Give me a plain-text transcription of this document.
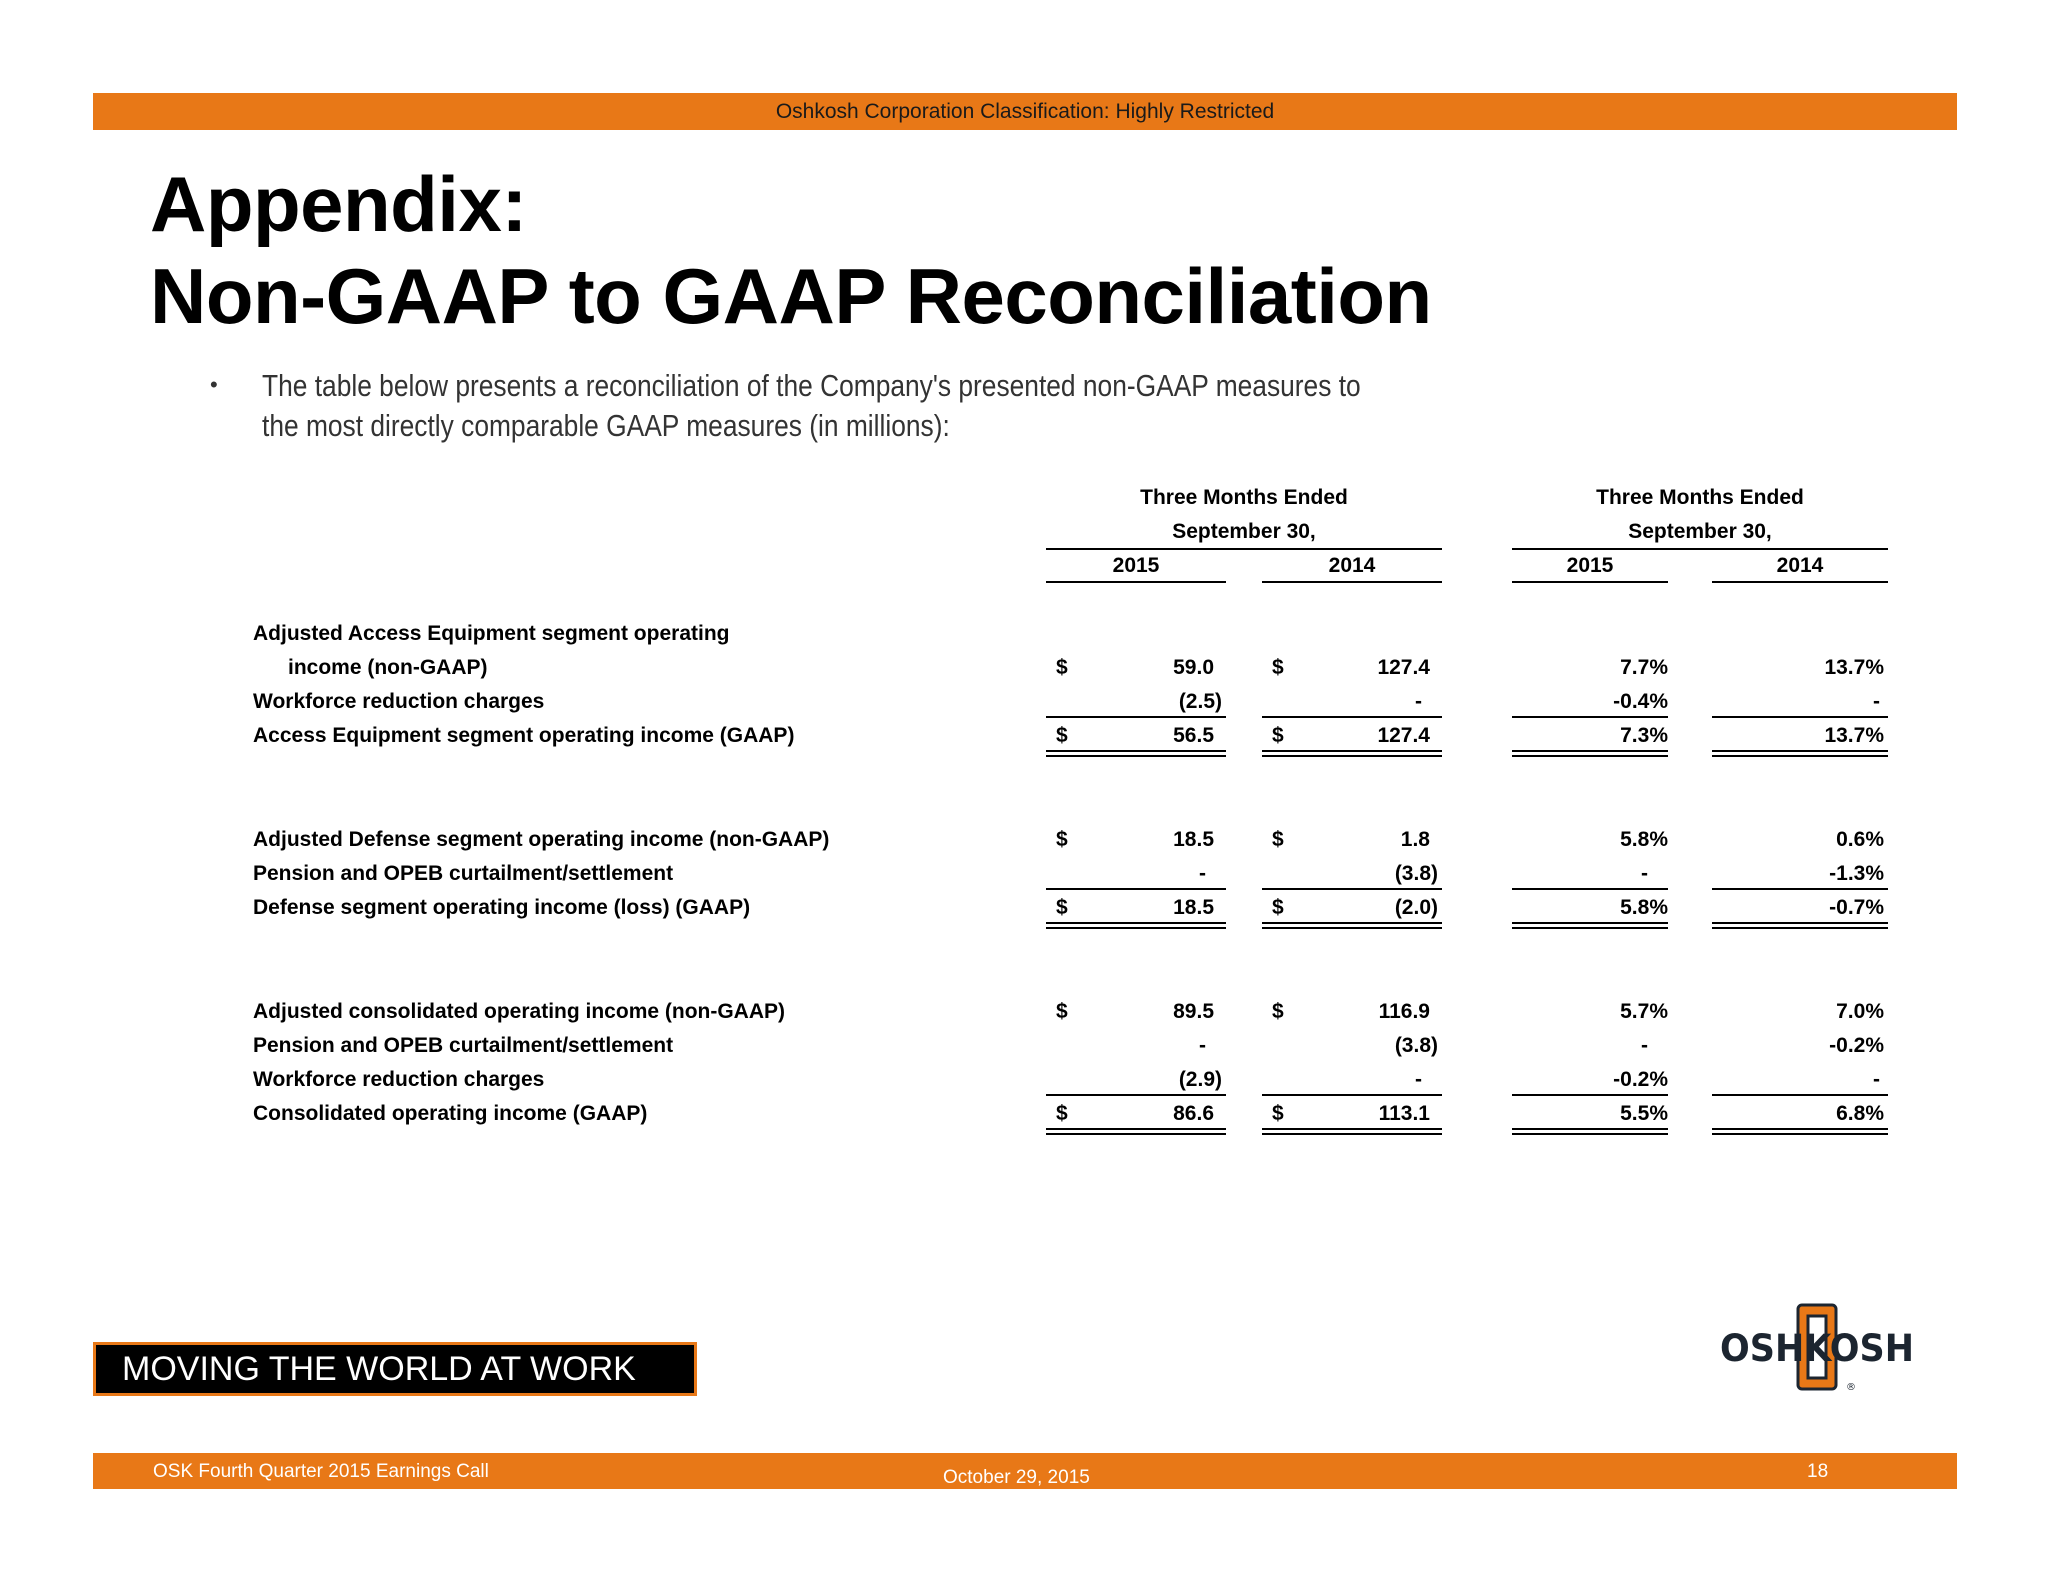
Oshkosh Corporation Classification: Highly Restricted
Appendix:
Non-GAAP to GAAP Reconciliation
• The table below presents a reconciliation of the Company's presented non-GAAP measures to the most directly comparable GAAP measures (in millions):
Three Months Ended
September 30,
Three Months Ended
September 30,
2015	2014	2015	2014
Adjusted Access Equipment segment operating
income (non-GAAP)	$	59.0	$	127.4	7.7%	13.7%
Workforce reduction charges	(2.5)	-	-0.4%	-
Access Equipment segment operating income (GAAP)	$	56.5	$	127.4	7.3%	13.7%
Adjusted Defense segment operating income (non-GAAP)	$	18.5	$	1.8	5.8%	0.6%
Pension and OPEB curtailment/settlement	-	(3.8)	-	-1.3%
Defense segment operating income (loss) (GAAP)	$	18.5	$	(2.0)	5.8%	-0.7%
Adjusted consolidated operating income (non-GAAP)	$	89.5	$	116.9	5.7%	7.0%
Pension and OPEB curtailment/settlement	-	(3.8)	-	-0.2%
Workforce reduction charges	(2.9)	-	-0.2%	-
Consolidated operating income (GAAP)	$	86.6	$	113.1	5.5%	6.8%
MOVING THE WORLD AT WORK	OSHKOSH
®
OSK Fourth Quarter 2015 Earnings Call	October 29, 2015	18
